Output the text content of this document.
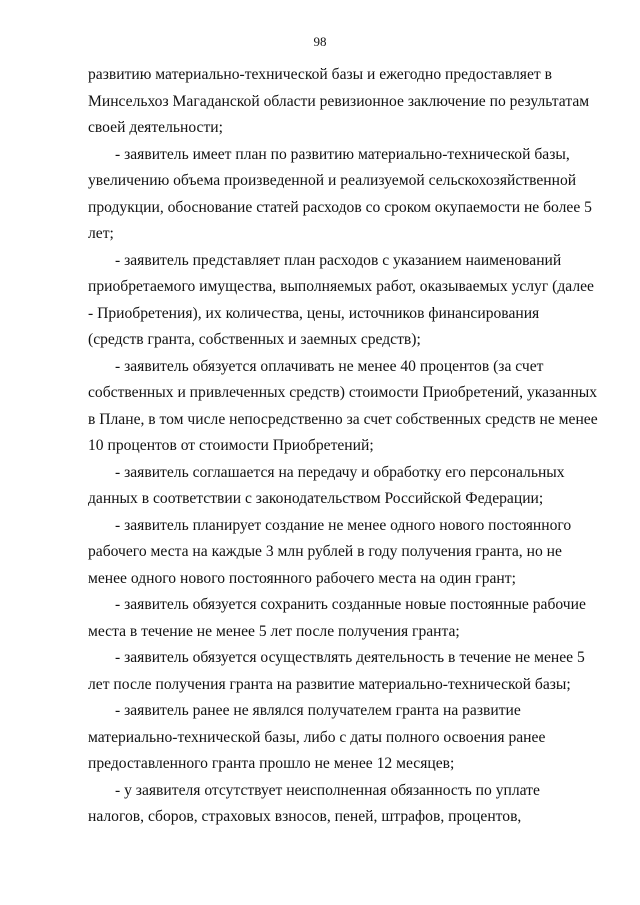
98
развитию материально-технической базы и ежегодно предоставляет в
Минсельхоз Магаданской области ревизионное заключение по результатам
своей деятельности;
- заявитель имеет план по развитию материально-технической базы,
увеличению объема произведенной и реализуемой сельскохозяйственной
продукции, обоснование статей расходов со сроком окупаемости не более 5
лет;
- заявитель представляет план расходов с указанием наименований
приобретаемого имущества, выполняемых работ, оказываемых услуг (далее
- Приобретения), их количества, цены, источников финансирования
(средств гранта, собственных и заемных средств);
- заявитель обязуется оплачивать не менее 40 процентов (за счет
собственных и привлеченных средств) стоимости Приобретений, указанных
в Плане, в том числе непосредственно за счет собственных средств не менее
10 процентов от стоимости Приобретений;
- заявитель соглашается на передачу и обработку его персональных
данных в соответствии с законодательством Российской Федерации;
- заявитель планирует создание не менее одного нового постоянного
рабочего места на каждые 3 млн рублей в году получения гранта, но не
менее одного нового постоянного рабочего места на один грант;
- заявитель обязуется сохранить созданные новые постоянные рабочие
места в течение не менее 5 лет после получения гранта;
- заявитель обязуется осуществлять деятельность в течение не менее 5
лет после получения гранта на развитие материально-технической базы;
- заявитель ранее не являлся получателем гранта на развитие
материально-технической базы, либо с даты полного освоения ранее
предоставленного гранта прошло не менее 12 месяцев;
- у заявителя отсутствует неисполненная обязанность по уплате
налогов, сборов, страховых взносов, пеней, штрафов, процентов,
